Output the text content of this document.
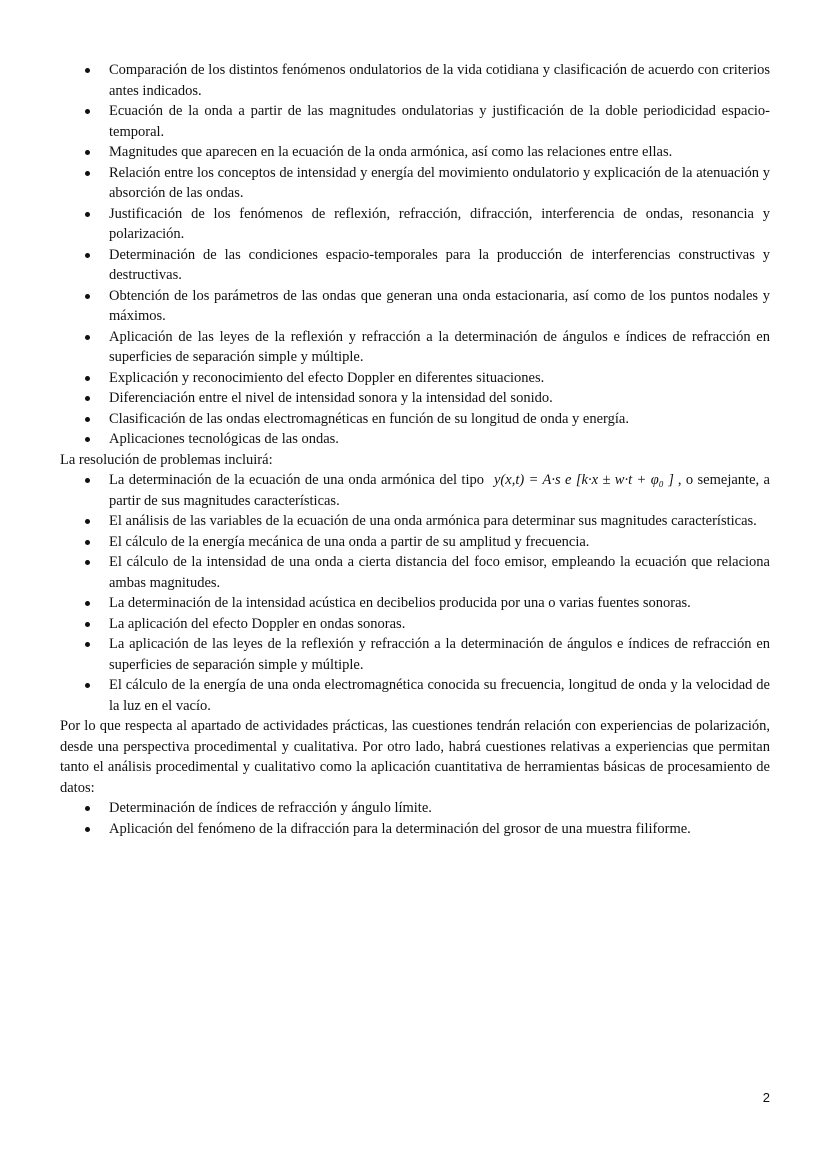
Comparación de los distintos fenómenos ondulatorios de la vida cotidiana y clasificación de acuerdo con criterios antes indicados.
Ecuación de la onda a partir de las magnitudes ondulatorias y justificación de la doble periodicidad espacio-temporal.
Magnitudes que aparecen en la ecuación de la onda armónica, así como las relaciones entre ellas.
Relación entre los conceptos de intensidad y energía del movimiento ondulatorio y explicación de la atenuación y absorción de las ondas.
Justificación de los fenómenos de reflexión, refracción, difracción, interferencia de ondas, resonancia y polarización.
Determinación de las condiciones espacio-temporales para la producción de interferencias constructivas y destructivas.
Obtención de los parámetros de las ondas que generan una onda estacionaria, así como de los puntos nodales y máximos.
Aplicación de las leyes de la reflexión y refracción a la determinación de ángulos e índices de refracción en superficies de separación simple y múltiple.
Explicación y reconocimiento del efecto Doppler en diferentes situaciones.
Diferenciación entre el nivel de intensidad sonora y la intensidad del sonido.
Clasificación de las ondas electromagnéticas en función de su longitud de onda y energía.
Aplicaciones tecnológicas de las ondas.

La resolución de problemas incluirá:

La determinación de la ecuación de una onda armónica del tipo y(x,t) = A·s e [k·x ± w·t + φ₀ ] , o semejante, a partir de sus magnitudes características.
El análisis de las variables de la ecuación de una onda armónica para determinar sus magnitudes características.
El cálculo de la energía mecánica de una onda a partir de su amplitud y frecuencia.
El cálculo de la intensidad de una onda a cierta distancia del foco emisor, empleando la ecuación que relaciona ambas magnitudes.
La determinación de la intensidad acústica en decibelios producida por una o varias fuentes sonoras.
La aplicación del efecto Doppler en ondas sonoras.
La aplicación de las leyes de la reflexión y refracción a la determinación de ángulos e índices de refracción en superficies de separación simple y múltiple.
El cálculo de la energía de una onda electromagnética conocida su frecuencia, longitud de onda y la velocidad de la luz en el vacío.

Por lo que respecta al apartado de actividades prácticas, las cuestiones tendrán relación con experiencias de polarización, desde una perspectiva procedimental y cualitativa. Por otro lado, habrá cuestiones relativas a experiencias que permitan tanto el análisis procedimental y cualitativo como la aplicación cuantitativa de herramientas básicas de procesamiento de datos:

Determinación de índices de refracción y ángulo límite.
Aplicación del fenómeno de la difracción para la determinación del grosor de una muestra filiforme.
2
